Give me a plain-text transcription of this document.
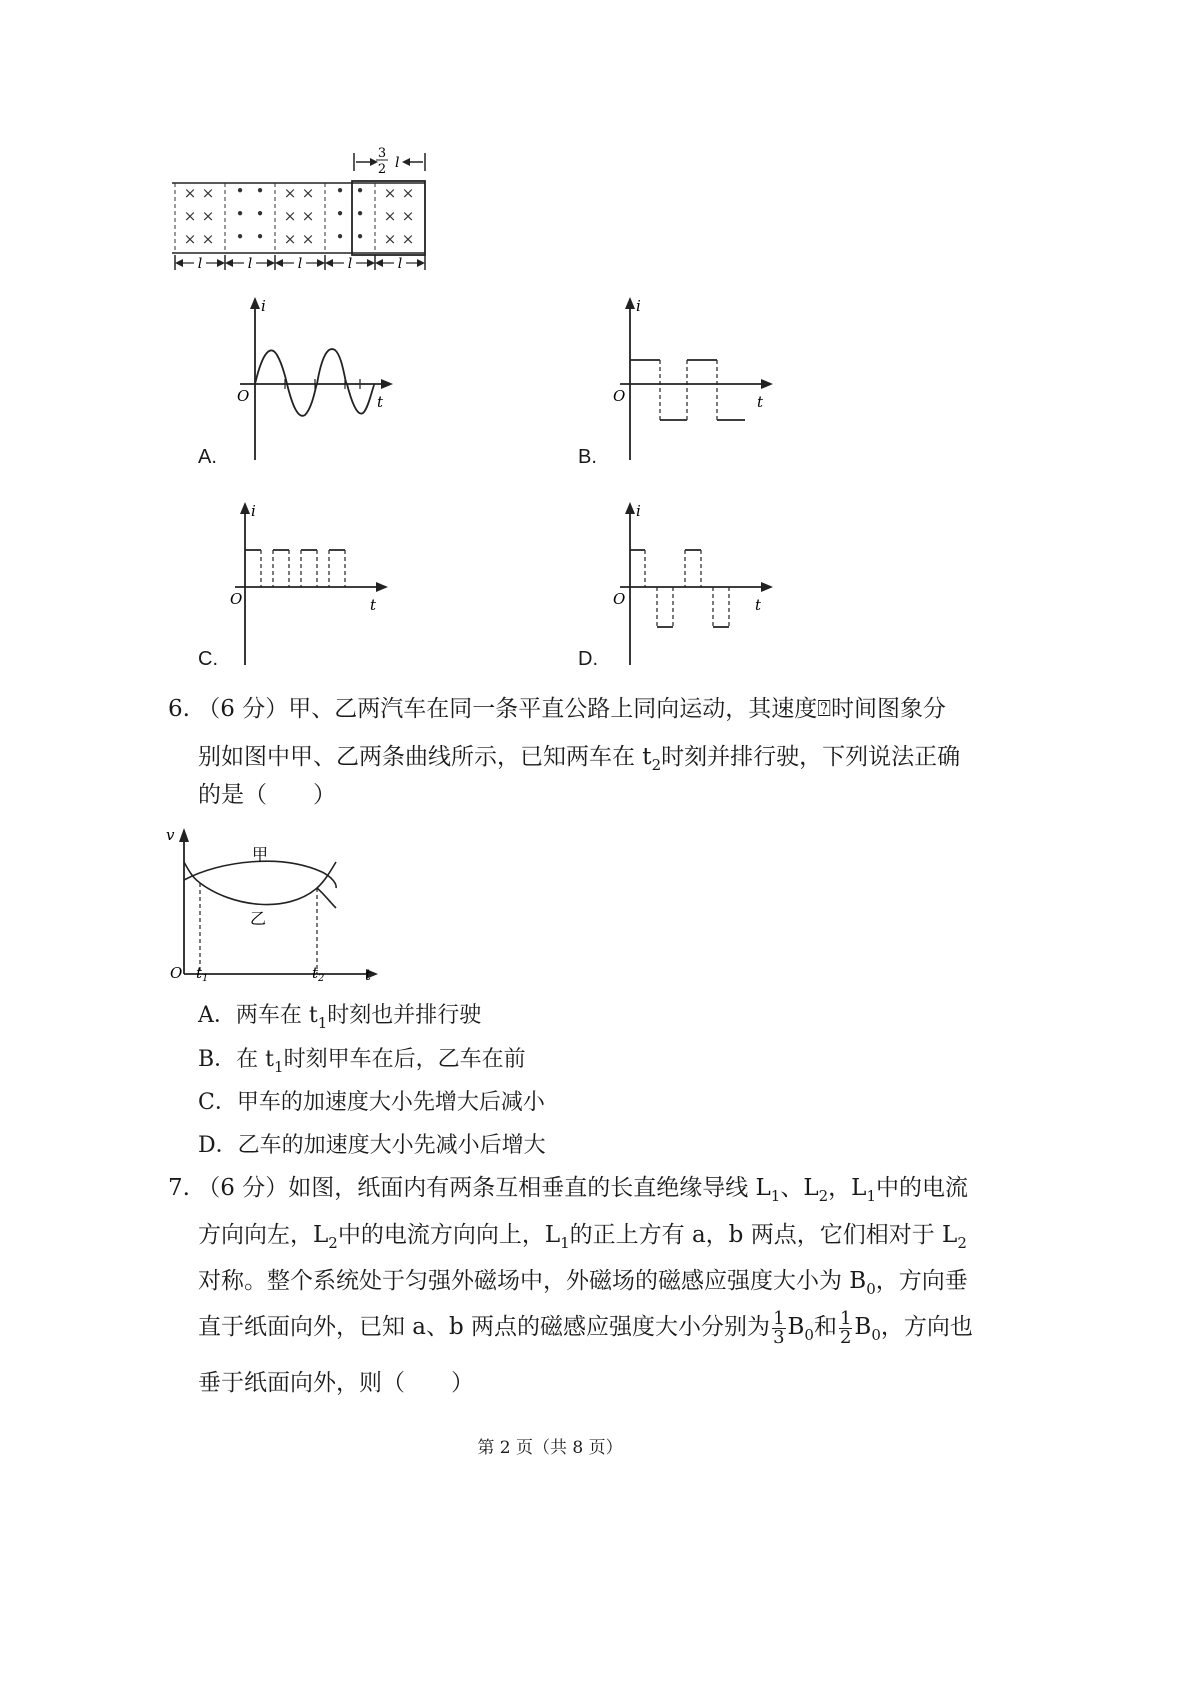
3
2 l
× ×
× ×
× ×
• •
• •
• •
× ×
× ×
× ×
• •
• •
• •
× ×
× ×
× ×
l	l	l	l	l
i
t
O
A.
i
t
O
B.
i
t
O
C.
i
t
O
D.
6. （6 分）甲、乙两汽车在同一条平直公路上同向运动，其速度⍰时间图象分
别如图中甲、乙两条曲线所示，已知两车在 $t_2$时刻并排行驶，下列说法正确
的是（　　）
v
O	t
甲
乙
$t_1$	$t_2$
A．两车在 $t_1$时刻也并排行驶
B．在 $t_1$时刻甲车在后，乙车在前
C．甲车的加速度大小先增大后减小
D．乙车的加速度大小先减小后增大
7. （6 分）如图，纸面内有两条互相垂直的长直绝缘导线 $L_1$、$L_2$，$L_1$中的电流
方向向左，$L_2$中的电流方向向上，$L_1$的正上方有 a，b 两点，它们相对于 $L_2$
对称。整个系统处于匀强外磁场中，外磁场的磁感应强度大小为 $B_0$，方向垂
直于纸面向外，已知 a、b 两点的磁感应强度大小分别为 $\frac{1}{3} B_0$和 $\frac{1}{2} B_0$，方向也
垂于纸面向外，则（　　）
第 2 页（共 8 页）
